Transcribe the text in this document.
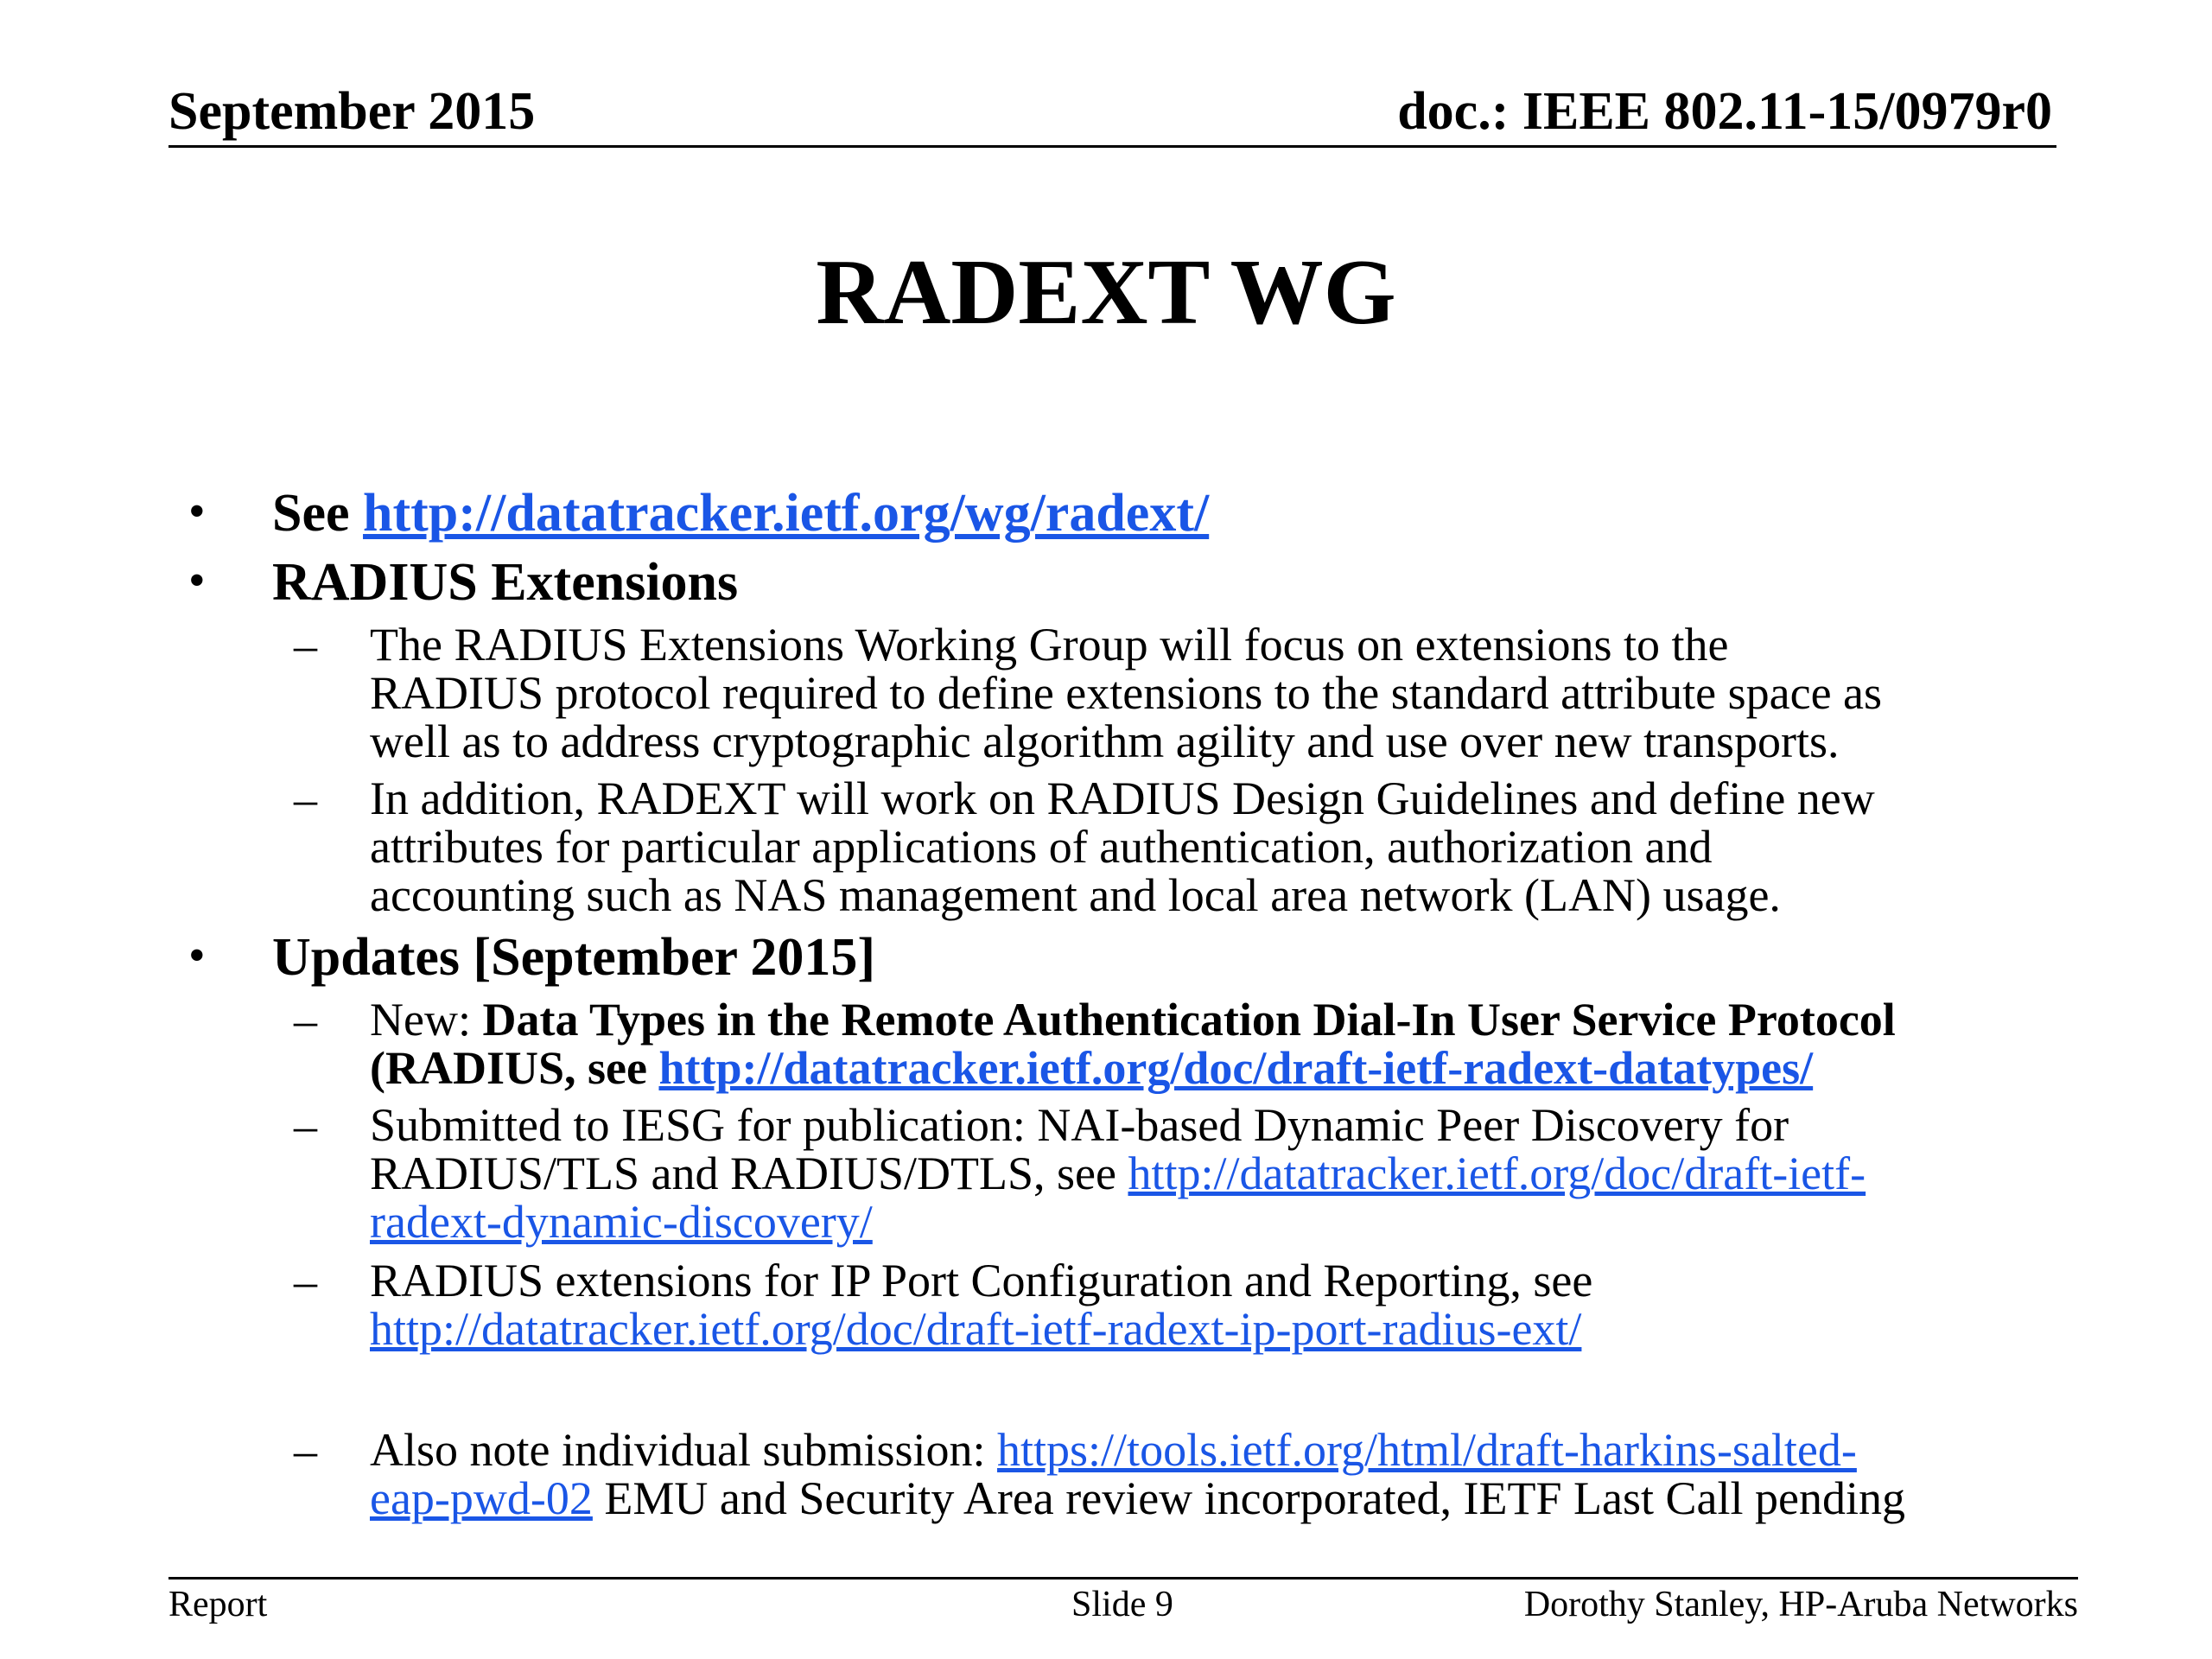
September 2015	doc.: IEEE 802.11-15/0979r0
RADEXT WG
• See http://datatracker.ietf.org/wg/radext/
• RADIUS Extensions
– The RADIUS Extensions Working Group will focus on extensions to the
RADIUS protocol required to define extensions to the standard attribute space as
well as to address cryptographic algorithm agility and use over new transports.
– In addition, RADEXT will work on RADIUS Design Guidelines and define new
attributes for particular applications of authentication, authorization and
accounting such as NAS management and local area network (LAN) usage.
• Updates [September 2015]
– New: Data Types in the Remote Authentication Dial-In User Service Protocol
(RADIUS, see http://datatracker.ietf.org/doc/draft-ietf-radext-datatypes/
– Submitted to IESG for publication: NAI-based Dynamic Peer Discovery for
RADIUS/TLS and RADIUS/DTLS, see http://datatracker.ietf.org/doc/draft-ietf-
radext-dynamic-discovery/
– RADIUS extensions for IP Port Configuration and Reporting, see
http://datatracker.ietf.org/doc/draft-ietf-radext-ip-port-radius-ext/
– Also note individual submission: https://tools.ietf.org/html/draft-harkins-salted-
eap-pwd-02 EMU and Security Area review incorporated, IETF Last Call pending
Report	Slide 9	Dorothy Stanley, HP-Aruba Networks
